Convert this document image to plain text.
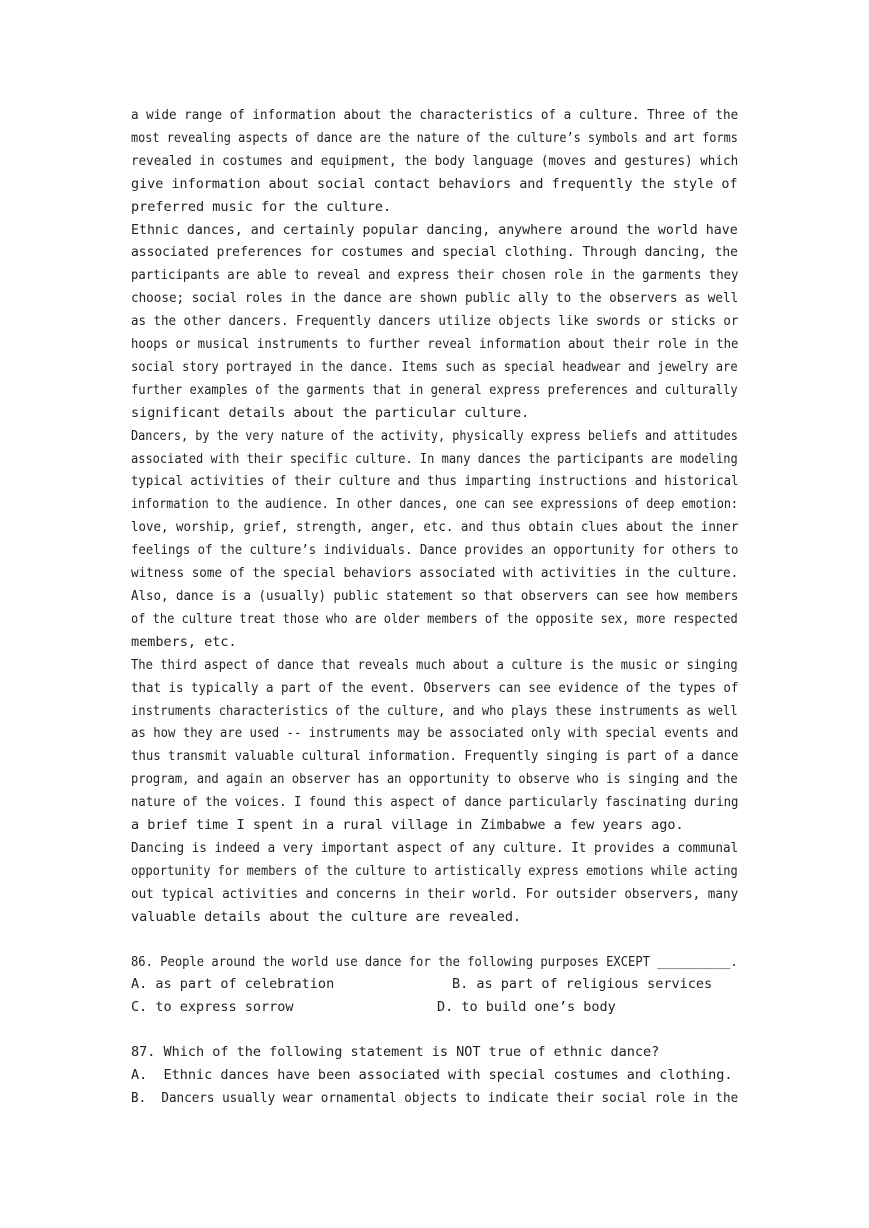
a wide range of information about the characteristics of a culture. Three of the most revealing aspects of dance are the nature of the culture’s symbols and art forms revealed in costumes and equipment, the body language (moves and gestures) which give information about social contact behaviors and frequently the style of
preferred music for the culture.
Ethnic dances, and certainly popular dancing, anywhere around the world have associated preferences for costumes and special clothing. Through dancing, the participants are able to reveal and express their chosen role in the garments they choose; social roles in the dance are shown public ally to the observers as well as the other dancers. Frequently dancers utilize objects like swords or sticks or hoops or musical instruments to further reveal information about their role in the social story portrayed in the dance. Items such as special headwear and jewelry are further examples of the garments that in general express preferences and culturally
significant details about the particular culture.
Dancers, by the very nature of the activity, physically express beliefs and attitudes associated with their specific culture. In many dances the participants are modeling typical activities of their culture and thus imparting instructions and historical information to the audience. In other dances, one can see expressions of deep emotion: love, worship, grief, strength, anger, etc. and thus obtain clues about the inner feelings of the culture’s individuals. Dance provides an opportunity for others to witness some of the special behaviors associated with activities in the culture. Also, dance is a (usually) public statement so that observers can see how members of the culture treat those who are older members of the opposite sex, more respected
members, etc.
The third aspect of dance that reveals much about a culture is the music or singing that is typically a part of the event. Observers can see evidence of the types of instruments characteristics of the culture, and who plays these instruments as well as how they are used -- instruments may be associated only with special events and thus transmit valuable cultural information. Frequently singing is part of a dance program, and again an observer has an opportunity to observe who is singing and the nature of the voices. I found this aspect of dance particularly fascinating during
a brief time I spent in a rural village in Zimbabwe a few years ago.
Dancing is indeed a very important aspect of any culture. It provides a communal opportunity for members of the culture to artistically express emotions while acting out typical activities and concerns in their world. For outsider observers, many
valuable details about the culture are revealed.
86. People around the world use dance for the following purposes EXCEPT __________.

A. as part of celebration

	B. as part of religious services

C. to express sorrow

	D. to build one’s body

87. Which of the following statement is NOT true of ethnic dance?
A.  Ethnic dances have been associated with special costumes and clothing.
B.  Dancers usually wear ornamental objects to indicate their social role in the
